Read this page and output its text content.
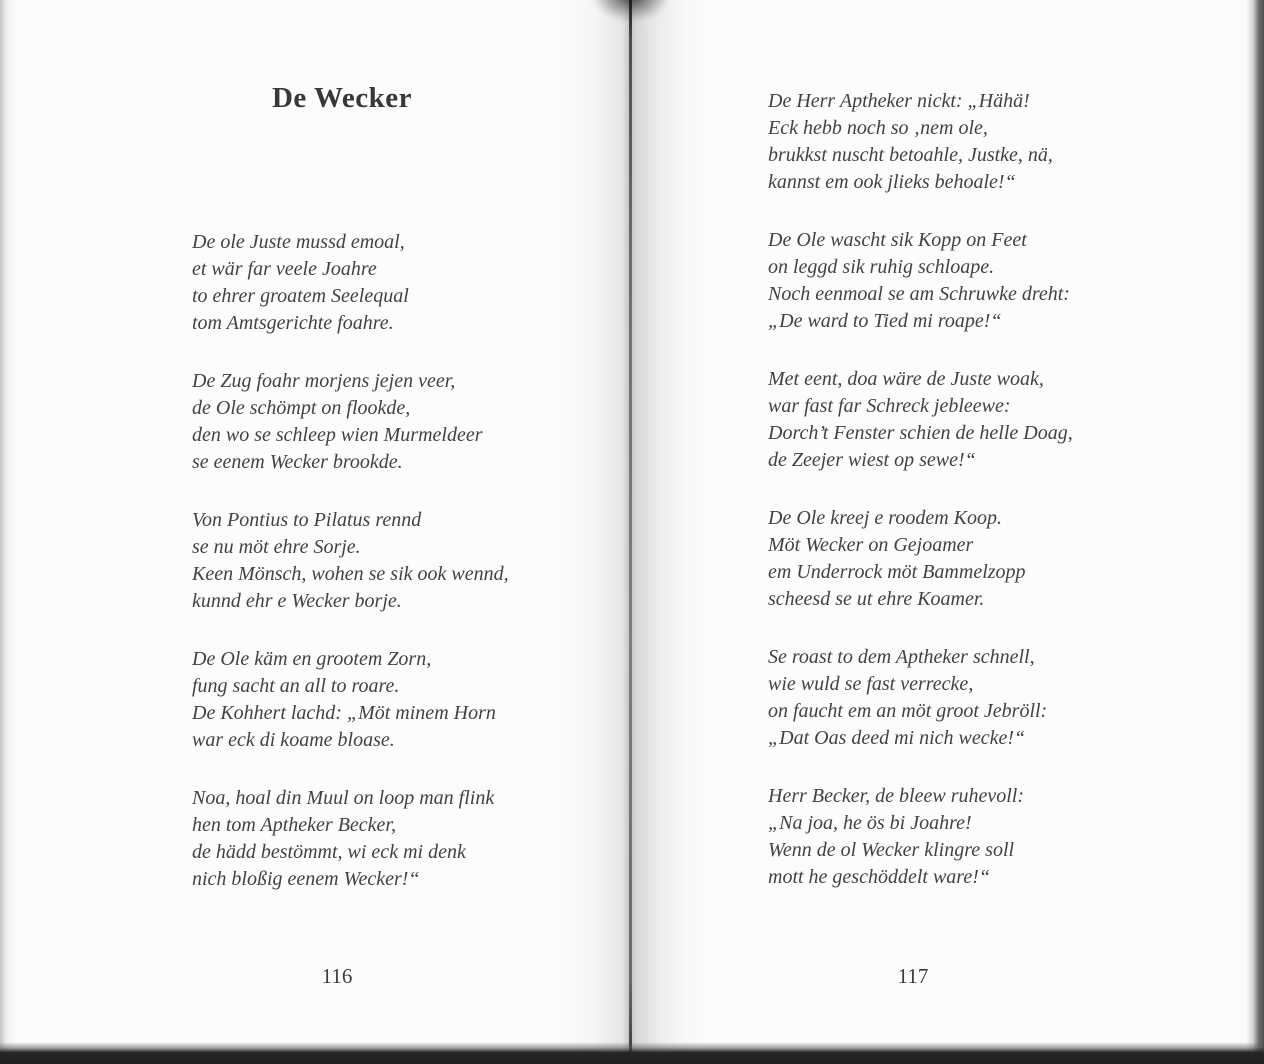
De Wecker

De ole Juste mussd emoal,

et wär far veele Joahre

to ehrer groatem Seelequal

tom Amtsgerichte foahre.

De Zug foahr morjens jejen veer,

de Ole schömpt on flookde,

den wo se schleep wien Murmeldeer

se eenem Wecker brookde.

Von Pontius to Pilatus rennd

se nu möt ehre Sorje.

Keen Mönsch, wohen se sik ook wennd,

kunnd ehr e Wecker borje.

De Ole käm en grootem Zorn,

fung sacht an all to roare.

De Kohhert lachd: „Möt minem Horn

war eck di koame bloase.

Noa, hoal din Muul on loop man flink

hen tom Aptheker Becker,

de hädd bestömmt, wi eck mi denk

nich bloßig eenem Wecker!“

116

De Herr Aptheker nickt: „Hähä!

Eck hebb noch so ‚nem ole,

brukkst nuscht betoahle, Justke, nä,

kannst em ook jlieks behoale!“

De Ole wascht sik Kopp on Feet

on leggd sik ruhig schloape.

Noch eenmoal se am Schruwke dreht:

„De ward to Tied mi roape!“

Met eent, doa wäre de Juste woak,

war fast far Schreck jebleewe:

Dorch’t Fenster schien de helle Doag,

de Zeejer wiest op sewe!“

De Ole kreej e roodem Koop.

Möt Wecker on Gejoamer

em Underrock möt Bammelzopp

scheesd se ut ehre Koamer.

Se roast to dem Aptheker schnell,

wie wuld se fast verrecke,

on faucht em an möt groot Jebröll:

„Dat Oas deed mi nich wecke!“

Herr Becker, de bleew ruhevoll:

„Na joa, he ös bi Joahre!

Wenn de ol Wecker klingre soll

mott he geschöddelt ware!“

117
